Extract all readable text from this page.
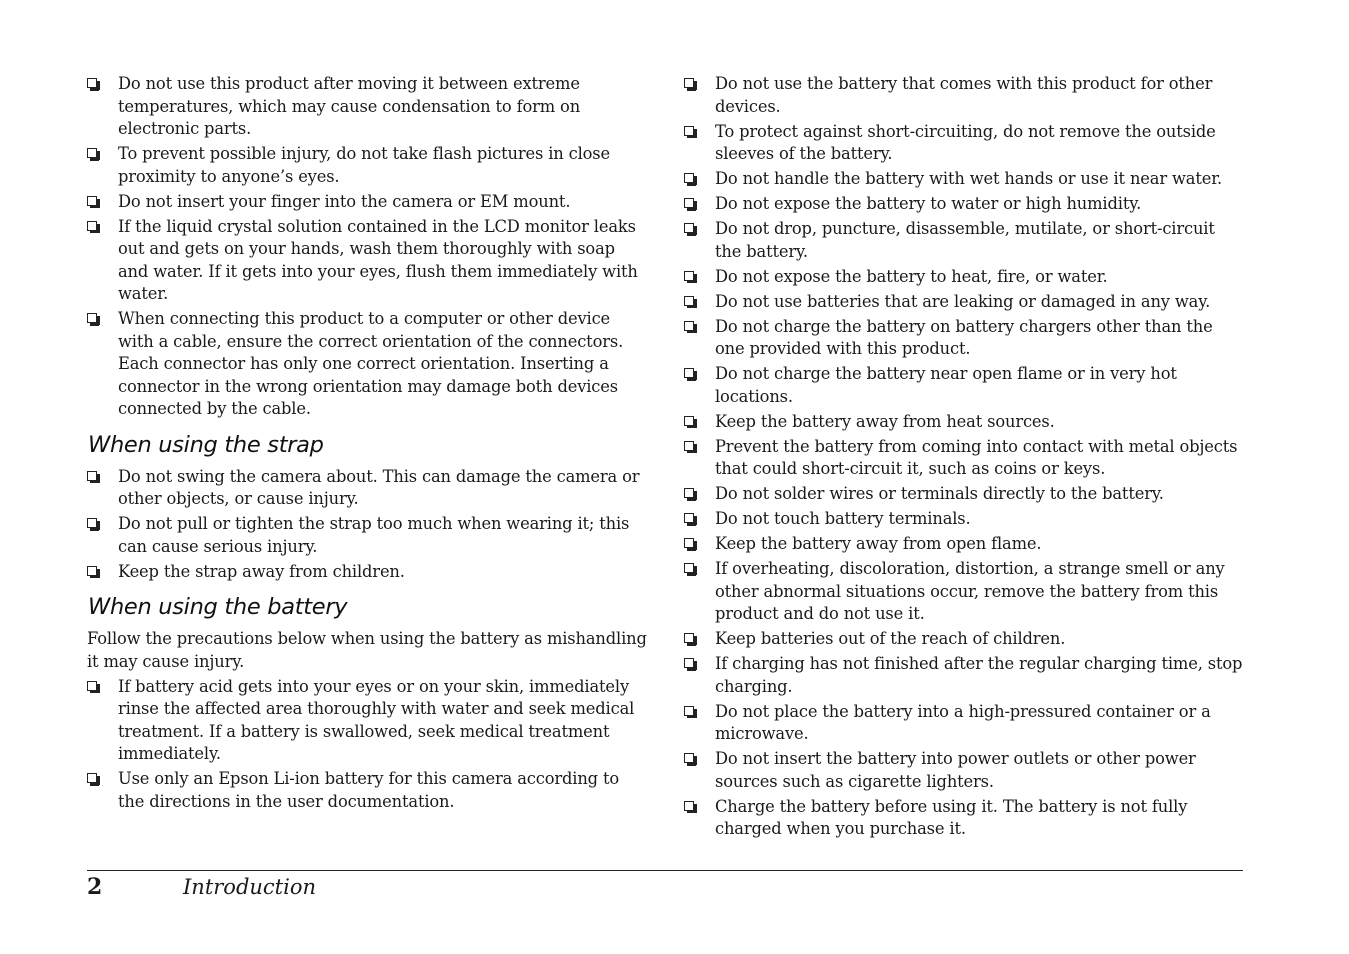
Do not use this product after moving it between extreme temperatures, which may cause condensation to form on electronic parts.
To prevent possible injury, do not take flash pictures in close proximity to anyone’s eyes.
Do not insert your finger into the camera or EM mount.
If the liquid crystal solution contained in the LCD monitor leaks out and gets on your hands, wash them thoroughly with soap and water. If it gets into your eyes, flush them immediately with water.
When connecting this product to a computer or other device with a cable, ensure the correct orientation of the connectors. Each connector has only one correct orientation. Inserting a connector in the wrong orientation may damage both devices connected by the cable.
When using the strap
Do not swing the camera about. This can damage the camera or other objects, or cause injury.
Do not pull or tighten the strap too much when wearing it; this can cause serious injury.
Keep the strap away from children.
When using the battery

Follow the precautions below when using the battery as mishandling it may cause injury.

If battery acid gets into your eyes or on your skin, immediately rinse the affected area thoroughly with water and seek medical treatment. If a battery is swallowed, seek medical treatment immediately.
Use only an Epson Li-ion battery for this camera according to the directions in the user documentation.
Do not use the battery that comes with this product for other devices.
To protect against short-circuiting, do not remove the outside sleeves of the battery.
Do not handle the battery with wet hands or use it near water.
Do not expose the battery to water or high humidity.
Do not drop, puncture, disassemble, mutilate, or short-circuit the battery.
Do not expose the battery to heat, fire, or water.
Do not use batteries that are leaking or damaged in any way.
Do not charge the battery on battery chargers other than the one provided with this product.
Do not charge the battery near open flame or in very hot locations.
Keep the battery away from heat sources.
Prevent the battery from coming into contact with metal objects that could short-circuit it, such as coins or keys.
Do not solder wires or terminals directly to the battery.
Do not touch battery terminals.
Keep the battery away from open flame.
If overheating, discoloration, distortion, a strange smell or any other abnormal situations occur, remove the battery from this product and do not use it.
Keep batteries out of the reach of children.
If charging has not finished after the regular charging time, stop charging.
Do not place the battery into a high-pressured container or a microwave.
Do not insert the battery into power outlets or other power sources such as cigarette lighters.
Charge the battery before using it. The battery is not fully charged when you purchase it.
2	Introduction
